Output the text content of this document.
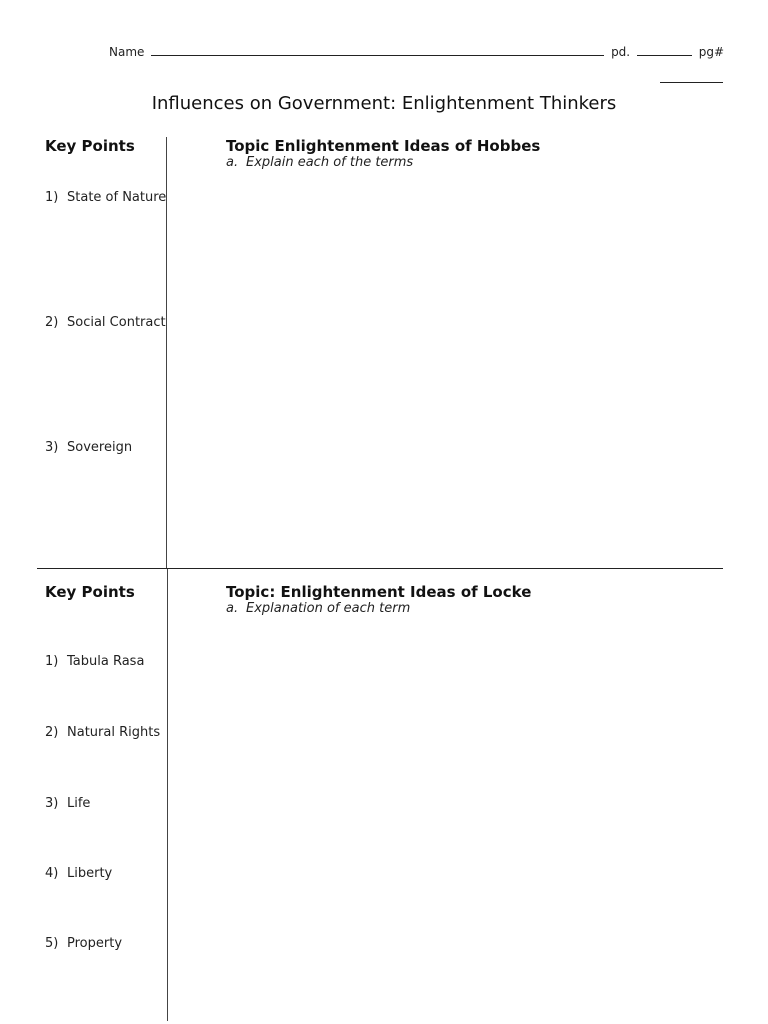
Name	pd.	pg#
Influences on Government: Enlightenment Thinkers
Key Points	Topic Enlightenment Ideas of Hobbes
a. Explain each of the terms
1) State of Nature
2) Social Contract
3) Sovereign
Key Points	Topic: Enlightenment Ideas of Locke
a. Explanation of each term
1) Tabula Rasa
2) Natural Rights
3) Life
4) Liberty
5) Property
